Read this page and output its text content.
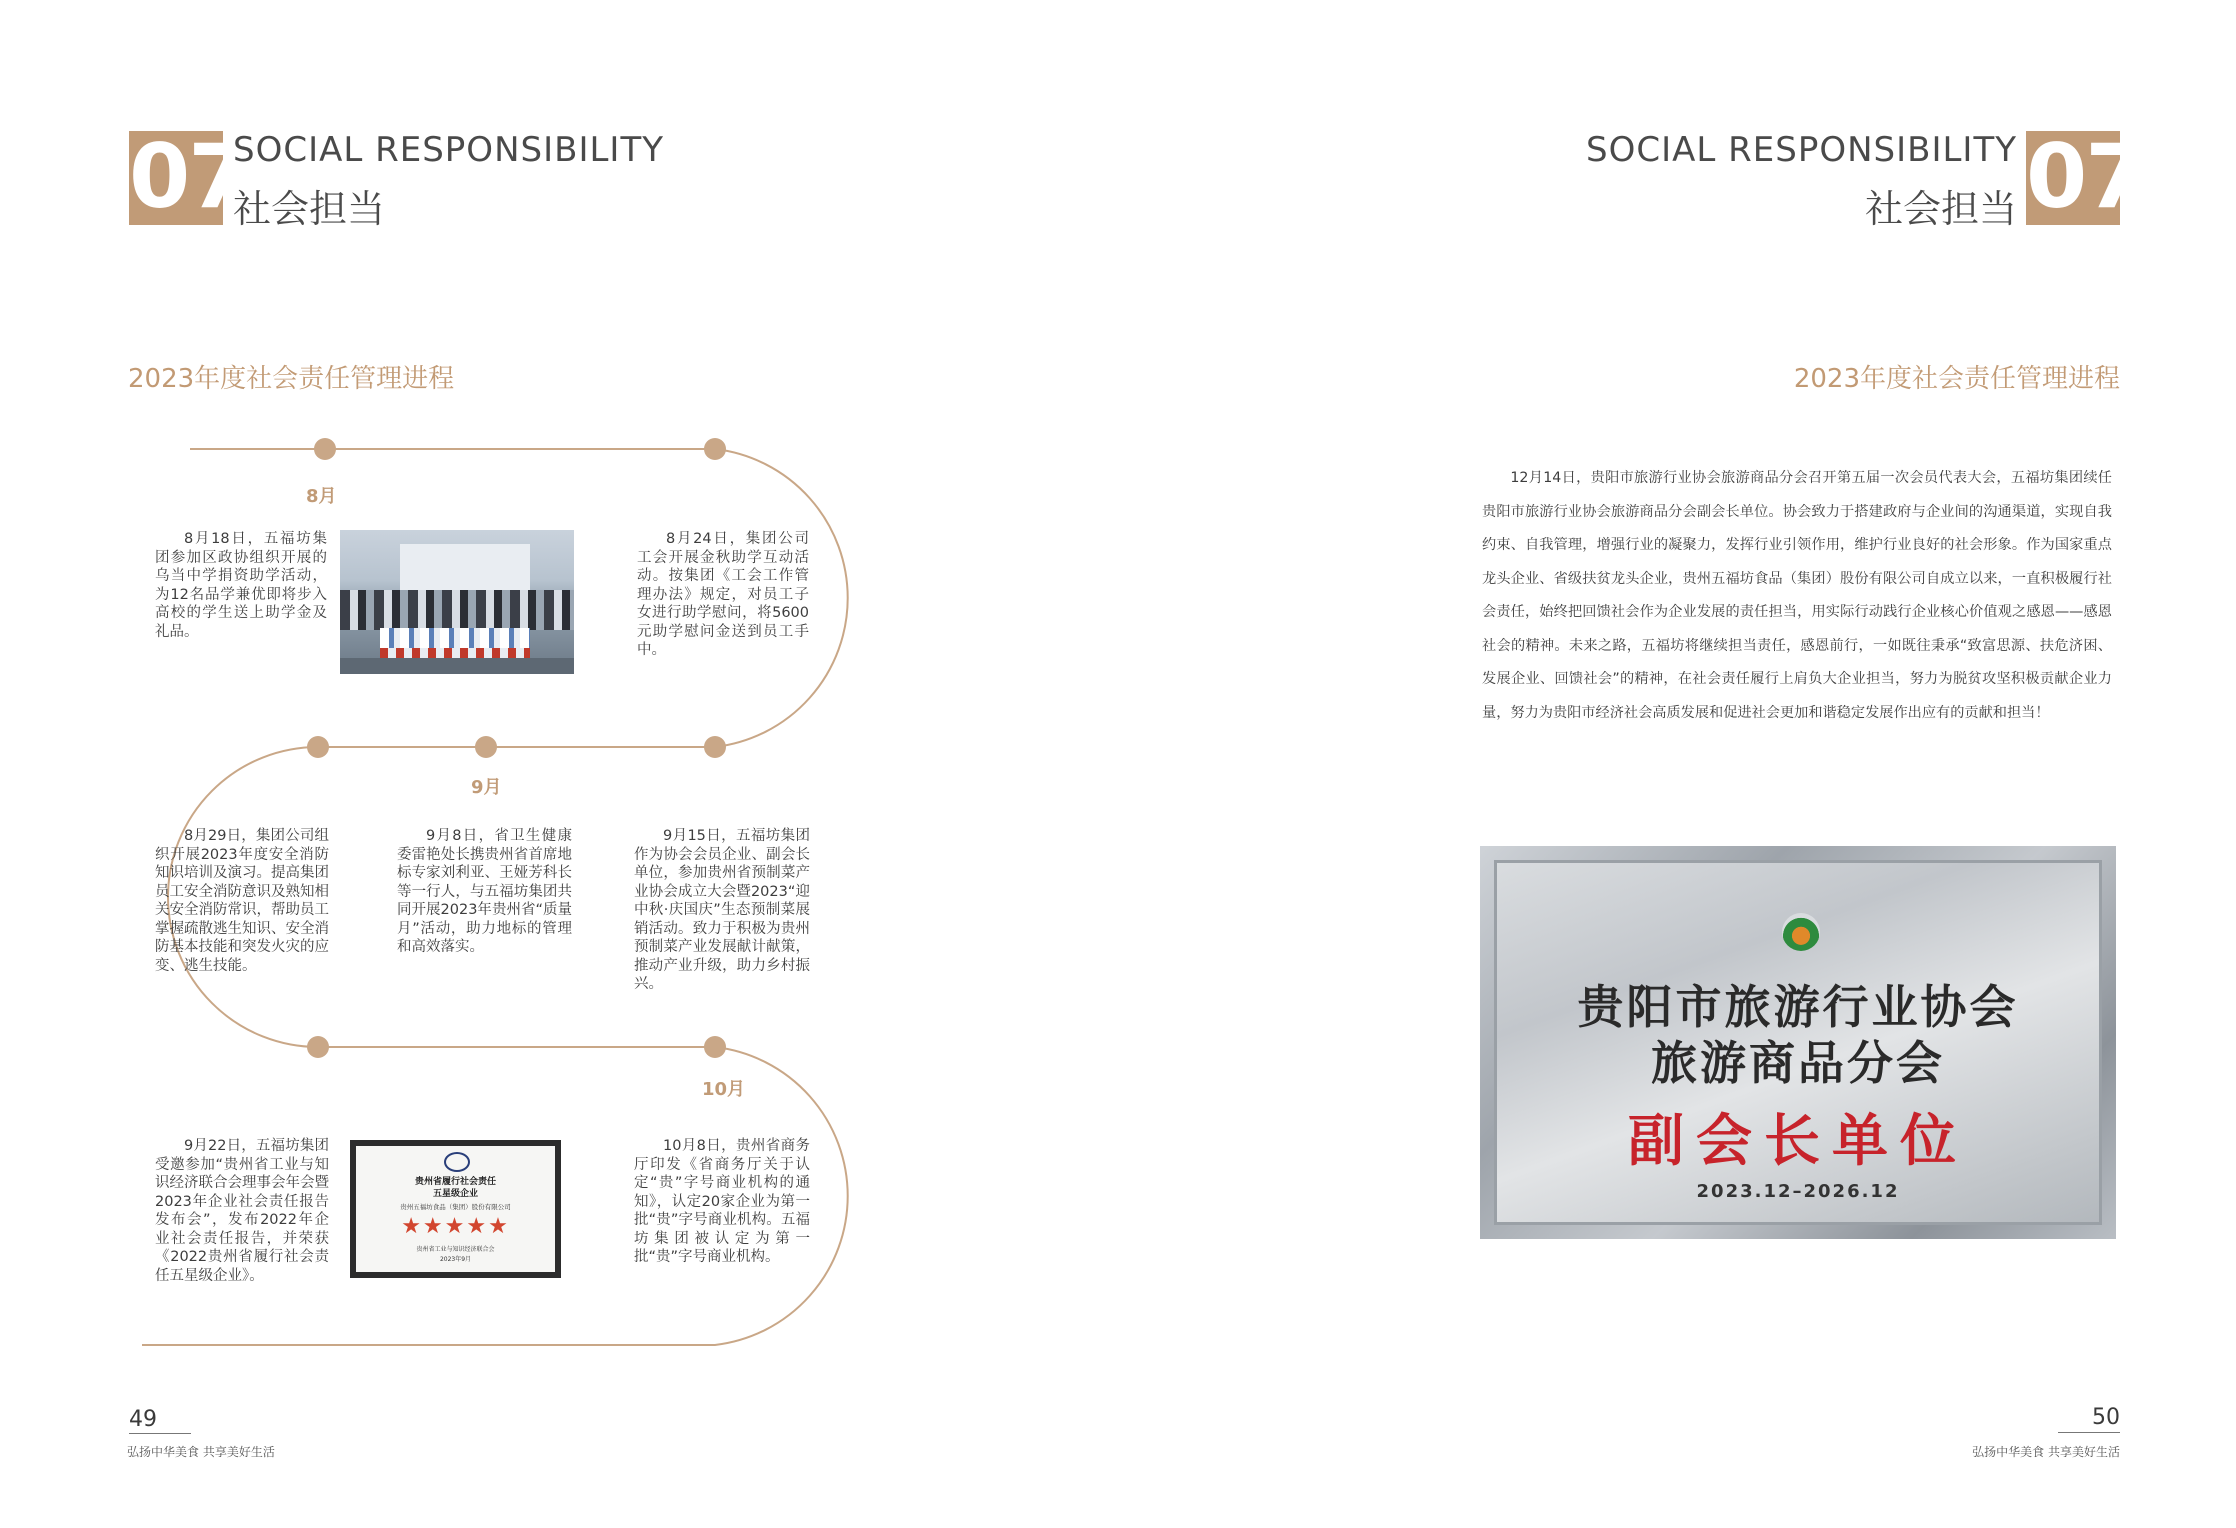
07
SOCIAL RESPONSIBILITY
社会担当
2023年度社会责任管理进程
8月
9月
10月
8月18日，五福坊集团参加区政协组织开展的乌当中学捐资助学活动，为12名品学兼优即将步入高校的学生送上助学金及礼品。
8月24日，集团公司工会开展金秋助学互动活动。按集团《工会工作管理办法》规定，对员工子女进行助学慰问，将5600元助学慰问金送到员工手中。
8月29日，集团公司组织开展2023年度安全消防知识培训及演习。提高集团员工安全消防意识及熟知相关安全消防常识，帮助员工掌握疏散逃生知识、安全消防基本技能和突发火灾的应变、逃生技能。
9月8日，省卫生健康委雷艳处长携贵州省首席地标专家刘利亚、王娅芳科长等一行人，与五福坊集团共同开展2023年贵州省“质量月”活动，助力地标的管理和高效落实。
9月15日，五福坊集团作为协会会员企业、副会长单位，参加贵州省预制菜产业协会成立大会暨2023“迎中秋·庆国庆”生态预制菜展销活动。致力于积极为贵州预制菜产业发展献计献策，推动产业升级，助力乡村振兴。
9月22日，五福坊集团受邀参加“贵州省工业与知识经济联合会理事会年会暨2023年企业社会责任报告发布会”，发布2022年企业社会责任报告，并荣获《2022贵州省履行社会责任五星级企业》。
贵州省履行社会责任
五星级企业
贵州五福坊食品（集团）股份有限公司
★★★★★
贵州省工业与知识经济联合会
2023年9月
10月8日，贵州省商务厅印发《省商务厅关于认定“贵”字号商业机构的通知》，认定20家企业为第一批“贵”字号商业机构。五福坊集团被认定为第一批“贵”字号商业机构。
49
弘扬中华美食 共享美好生活
SOCIAL RESPONSIBILITY
社会担当 07
2023年度社会责任管理进程
12月14日，贵阳市旅游行业协会旅游商品分会召开第五届一次会员代表大会，五福坊集团续任贵阳市旅游行业协会旅游商品分会副会长单位。协会致力于搭建政府与企业间的沟通渠道，实现自我约束、自我管理，增强行业的凝聚力，发挥行业引领作用，维护行业良好的社会形象。作为国家重点龙头企业、省级扶贫龙头企业，贵州五福坊食品（集团）股份有限公司自成立以来，一直积极履行社会责任，始终把回馈社会作为企业发展的责任担当，用实际行动践行企业核心价值观之感恩——感恩社会的精神。未来之路，五福坊将继续担当责任，感恩前行，一如既往秉承“致富思源、扶危济困、发展企业、回馈社会”的精神，在社会责任履行上肩负大企业担当，努力为脱贫攻坚积极贡献企业力量，努力为贵阳市经济社会高质发展和促进社会更加和谐稳定发展作出应有的贡献和担当！
贵阳市旅游行业协会
旅游商品分会
副会长单位
2023.12–2026.12
50
弘扬中华美食 共享美好生活
